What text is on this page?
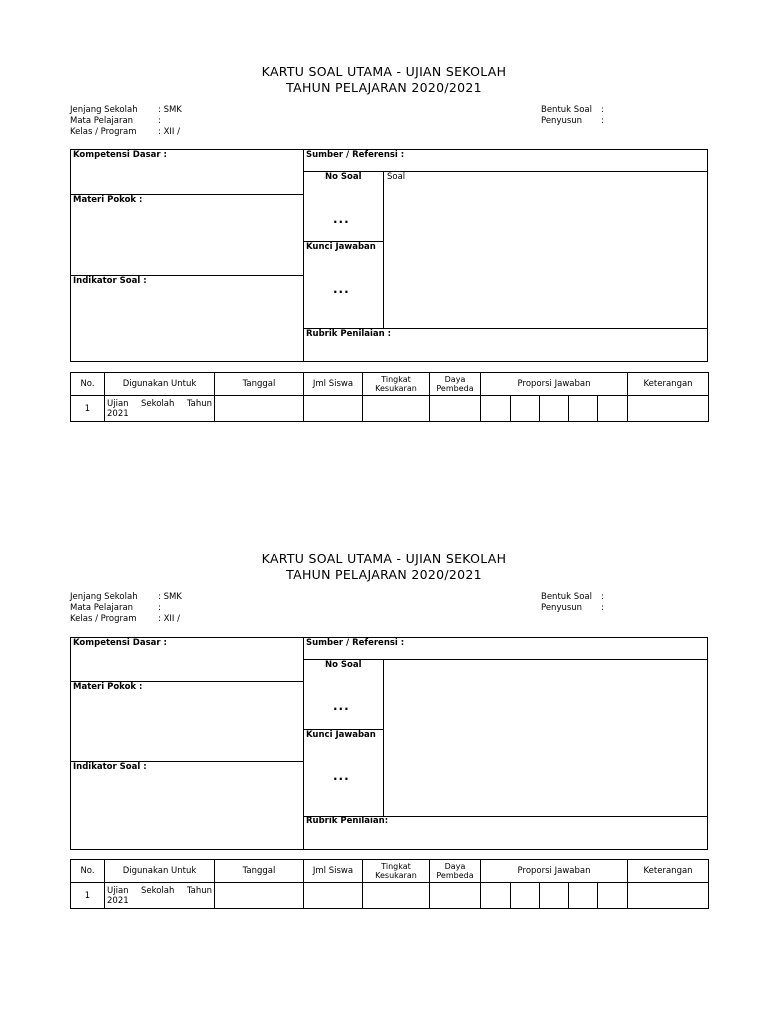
KARTU SOAL UTAMA - UJIAN SEKOLAH
TAHUN PELAJARAN 2020/2021
Jenjang Sekolah : SMK
Mata Pelajaran	:
Kelas / Program	: XII /
Bentuk Soal :
Penyusun :
Kompetensi Dasar :
Materi Pokok :
Indikator Soal :
Sumber / Referensi :
No Soal	Soal
...
Kunci Jawaban
...
Rubrik Penilaian :
No.	Digunakan Untuk	Tanggal	Jml Siswa	Tingkat Kesukaran	Daya Pembeda	Proporsi Jawaban					Keterangan
1	Ujian Sekolah Tahun 2021										

KARTU SOAL UTAMA - UJIAN SEKOLAH
TAHUN PELAJARAN 2020/2021
Jenjang Sekolah : SMK
Mata Pelajaran	:
Kelas / Program	: XII /
Bentuk Soal :
Penyusun :
Kompetensi Dasar :
Materi Pokok :
Indikator Soal :
Sumber / Referensi :
No Soal
...
Kunci Jawaban
...
Rubrik Penilaian:
No.	Digunakan Untuk	Tanggal	Jml Siswa	Tingkat Kesukaran	Daya Pembeda	Proporsi Jawaban					Keterangan
1	Ujian Sekolah Tahun 2021										
